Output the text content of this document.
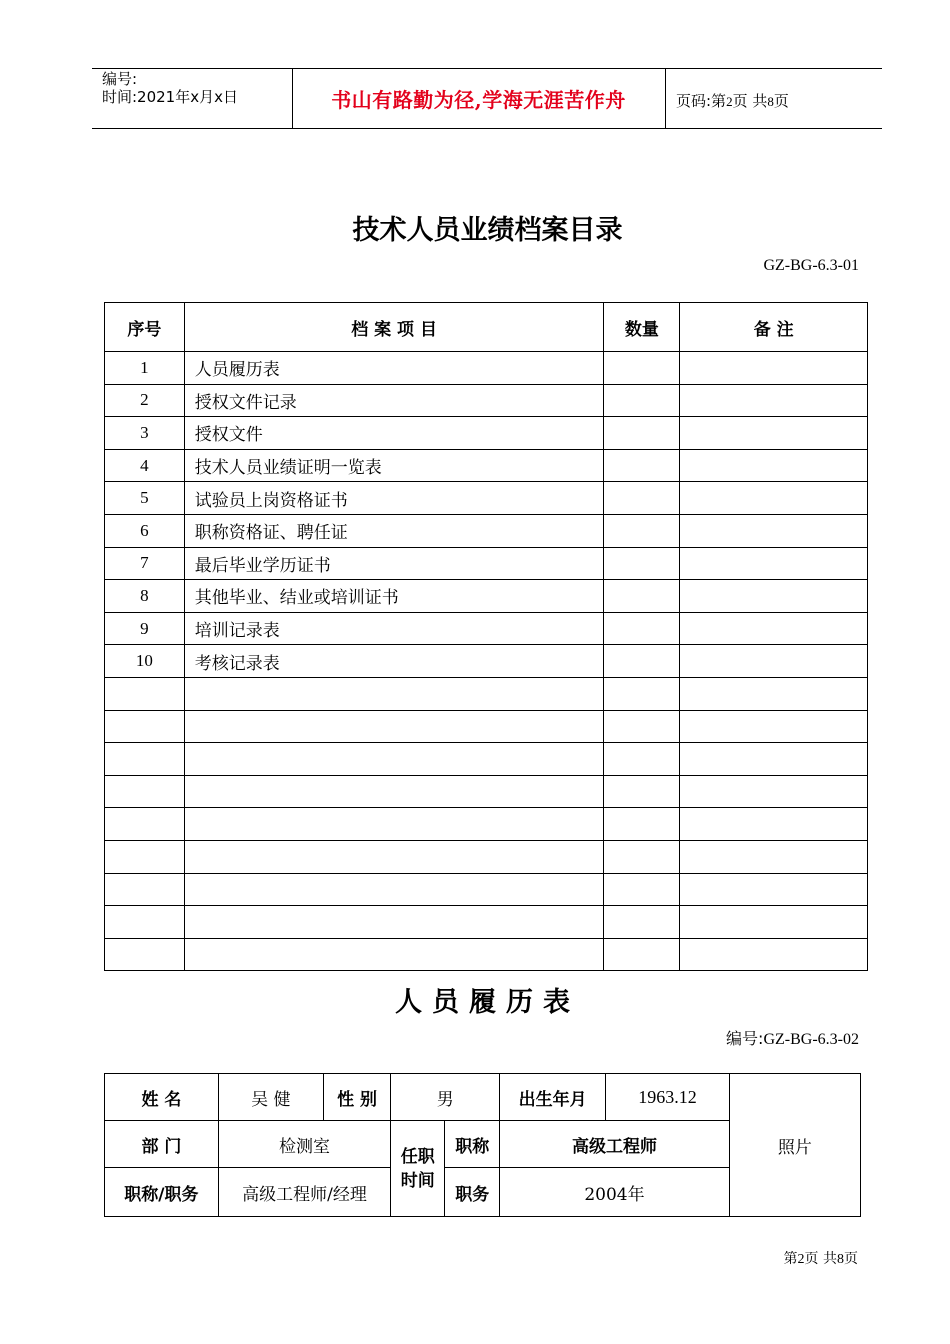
编号:
时间:2021年x月x日	书山有路勤为径,学海无涯苦作舟	页码:第2页 共8页
技术人员业绩档案目录
GZ-BG-6.3-01
序号	档 案 项 目	数量	备 注
1	人员履历表		
2	授权文件记录		
3	授权文件		
4	技术人员业绩证明一览表		
5	试验员上岗资格证书		
6	职称资格证、聘任证		
7	最后毕业学历证书		
8	其他毕业、结业或培训证书		
9	培训记录表		
10	考核记录表		

人员履历表
编号:GZ-BG-6.3-02
姓 名	吴 健	性 别	男		出生年月	1963.12	照片
部 门	检测室		任职时间	职称	高级工程师		
职称/职务	高级工程师/经理			职务	2004年		
第2页 共8页
